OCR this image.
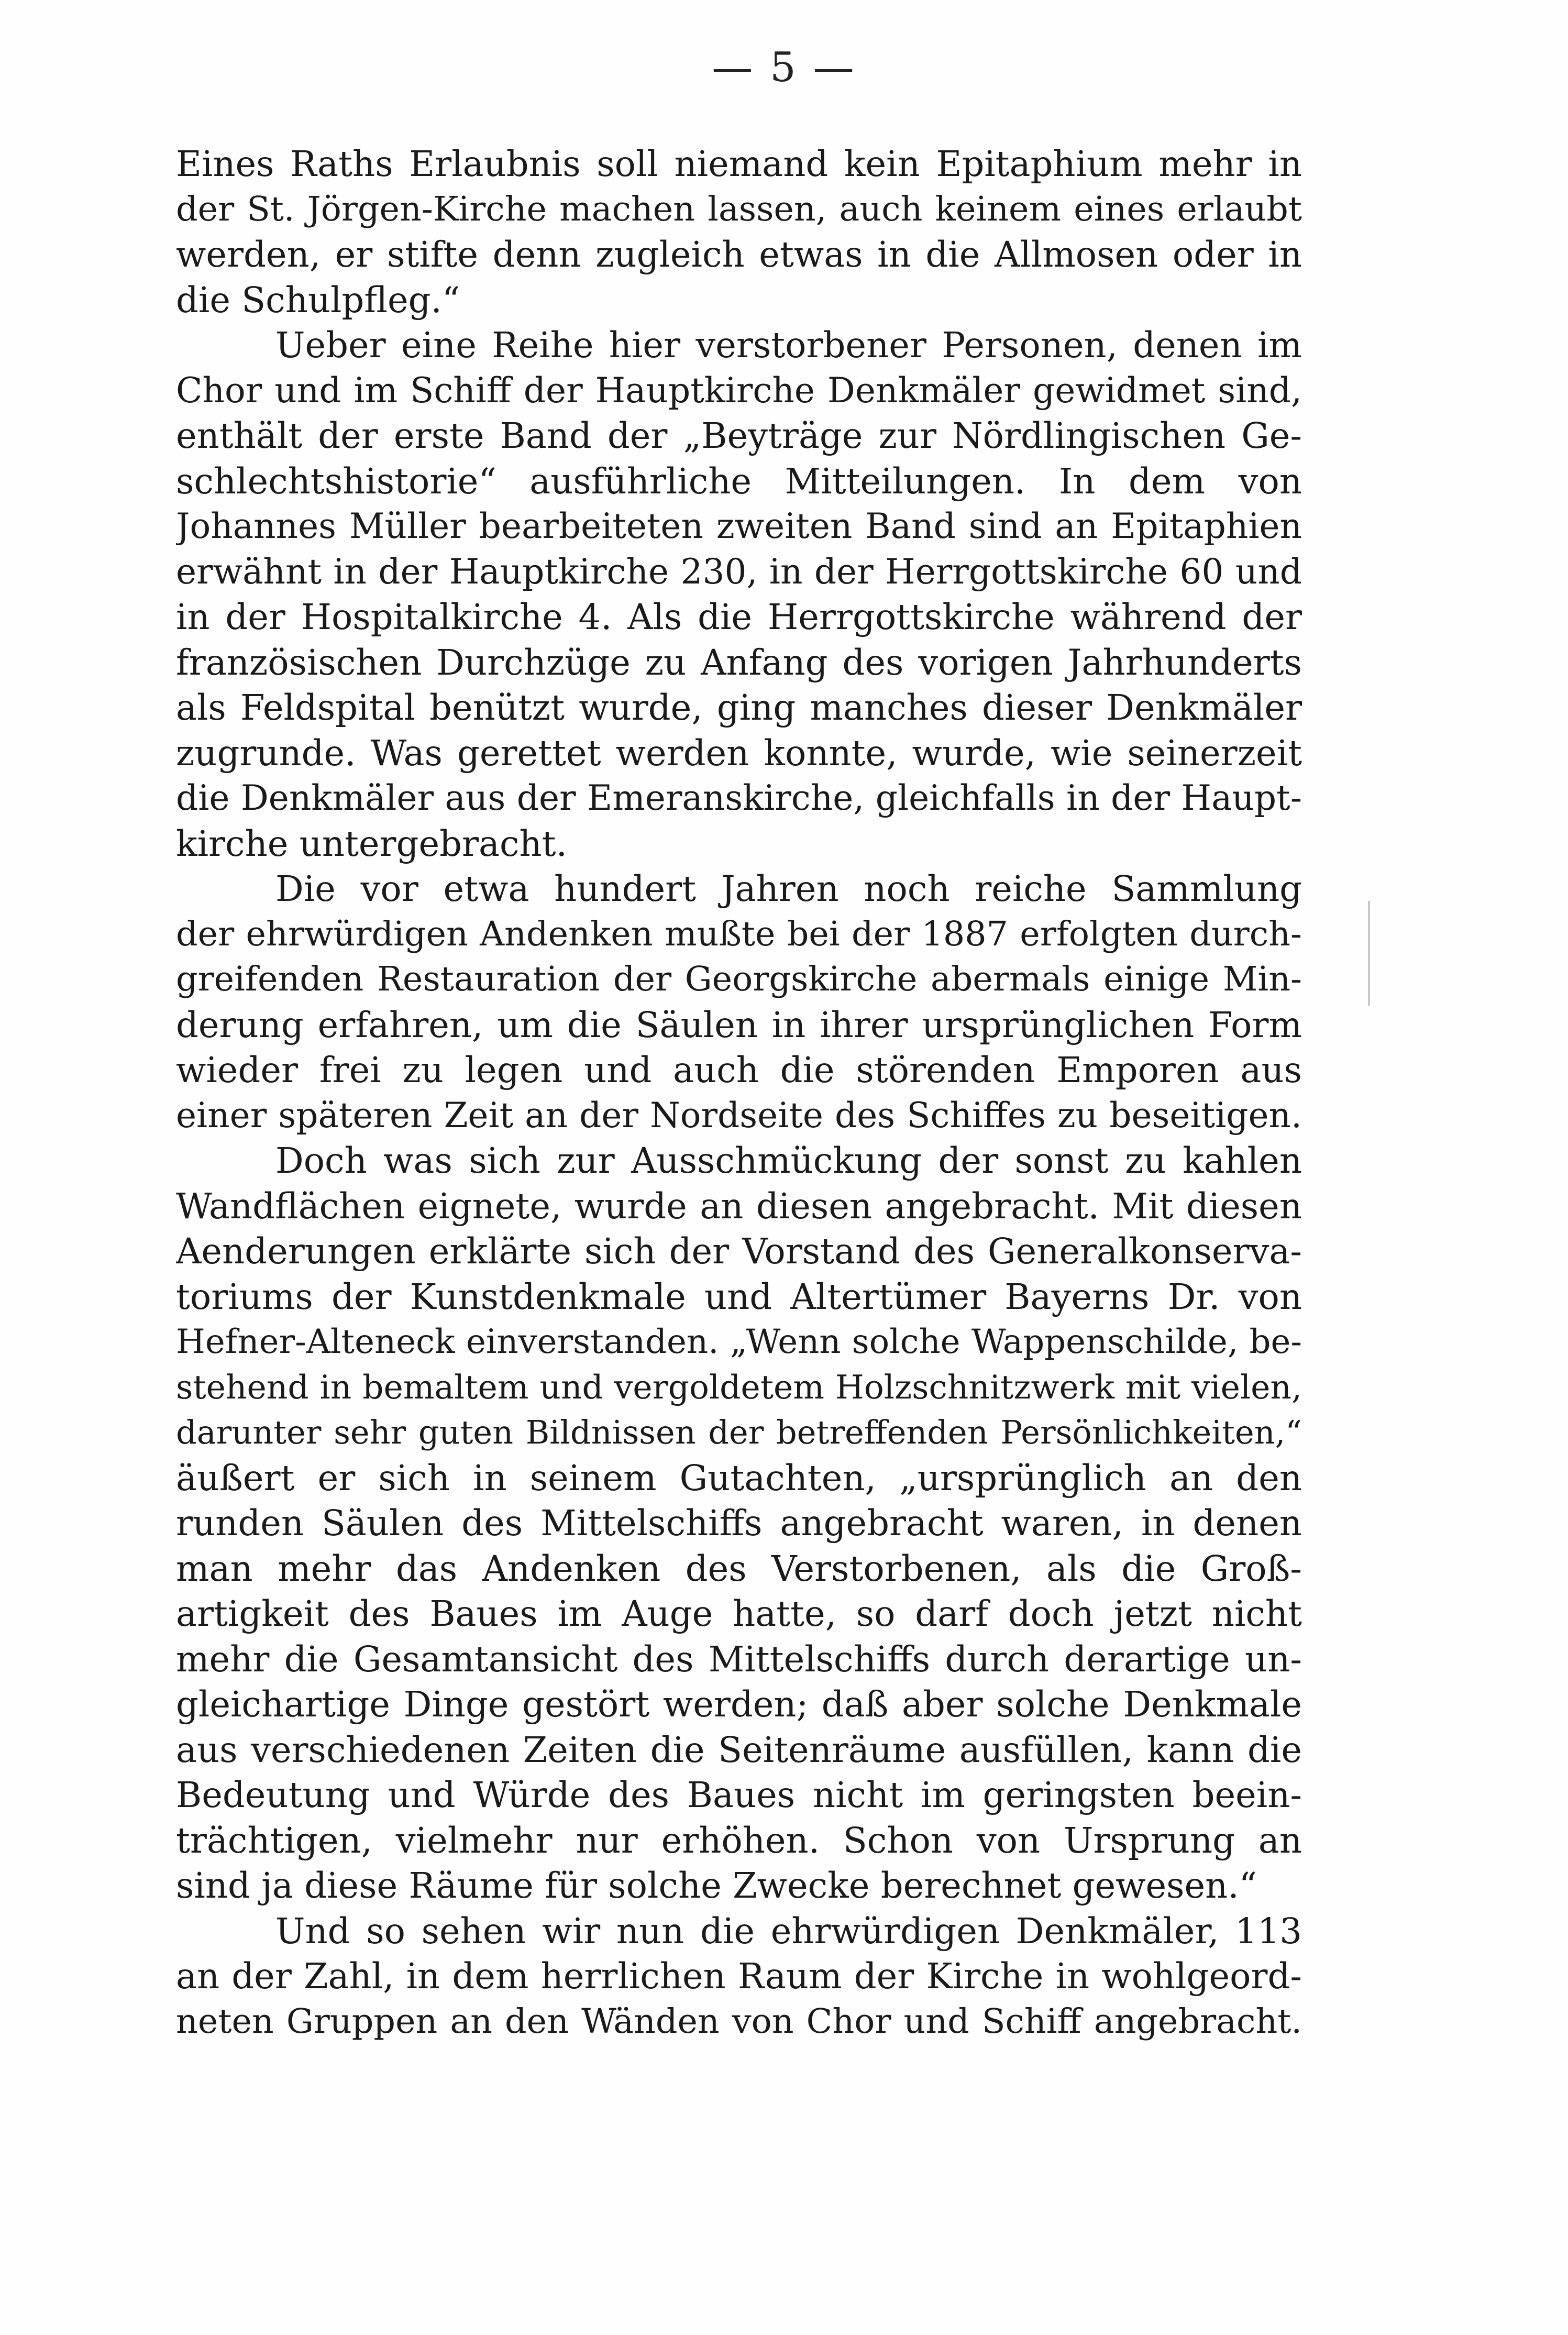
— 5 —
Eines Raths Erlaubnis soll niemand kein Epitaphium mehr in
der St. Jörgen-Kirche machen lassen, auch keinem eines erlaubt
werden, er stifte denn zugleich etwas in die Allmosen oder in
die Schulpfleg.“
Ueber eine Reihe hier verstorbener Personen, denen im
Chor und im Schiff der Hauptkirche Denkmäler gewidmet sind,
enthält der erste Band der „Beyträge zur Nördlingischen Ge-
schlechtshistorie“ ausführliche Mitteilungen. In dem von
Johannes Müller bearbeiteten zweiten Band sind an Epitaphien
erwähnt in der Hauptkirche 230, in der Herrgottskirche 60 und
in der Hospitalkirche 4. Als die Herrgottskirche während der
französischen Durchzüge zu Anfang des vorigen Jahrhunderts
als Feldspital benützt wurde, ging manches dieser Denkmäler
zugrunde. Was gerettet werden konnte, wurde, wie seinerzeit
die Denkmäler aus der Emeranskirche, gleichfalls in der Haupt-
kirche untergebracht.
Die vor etwa hundert Jahren noch reiche Sammlung
der ehrwürdigen Andenken mußte bei der 1887 erfolgten durch-
greifenden Restauration der Georgskirche abermals einige Min-
derung erfahren, um die Säulen in ihrer ursprünglichen Form
wieder frei zu legen und auch die störenden Emporen aus
einer späteren Zeit an der Nordseite des Schiffes zu beseitigen.
Doch was sich zur Ausschmückung der sonst zu kahlen
Wandflächen eignete, wurde an diesen angebracht. Mit diesen
Aenderungen erklärte sich der Vorstand des Generalkonserva-
toriums der Kunstdenkmale und Altertümer Bayerns Dr. von
Hefner-Alteneck einverstanden. „Wenn solche Wappenschilde, be-
stehend in bemaltem und vergoldetem Holzschnitzwerk mit vielen,
darunter sehr guten Bildnissen der betreffenden Persönlichkeiten,“
äußert er sich in seinem Gutachten, „ursprünglich an den
runden Säulen des Mittelschiffs angebracht waren, in denen
man mehr das Andenken des Verstorbenen, als die Groß-
artigkeit des Baues im Auge hatte, so darf doch jetzt nicht
mehr die Gesamtansicht des Mittelschiffs durch derartige un-
gleichartige Dinge gestört werden; daß aber solche Denkmale
aus verschiedenen Zeiten die Seitenräume ausfüllen, kann die
Bedeutung und Würde des Baues nicht im geringsten beein-
trächtigen, vielmehr nur erhöhen. Schon von Ursprung an
sind ja diese Räume für solche Zwecke berechnet gewesen.“
Und so sehen wir nun die ehrwürdigen Denkmäler, 113
an der Zahl, in dem herrlichen Raum der Kirche in wohlgeord-
neten Gruppen an den Wänden von Chor und Schiff angebracht.
